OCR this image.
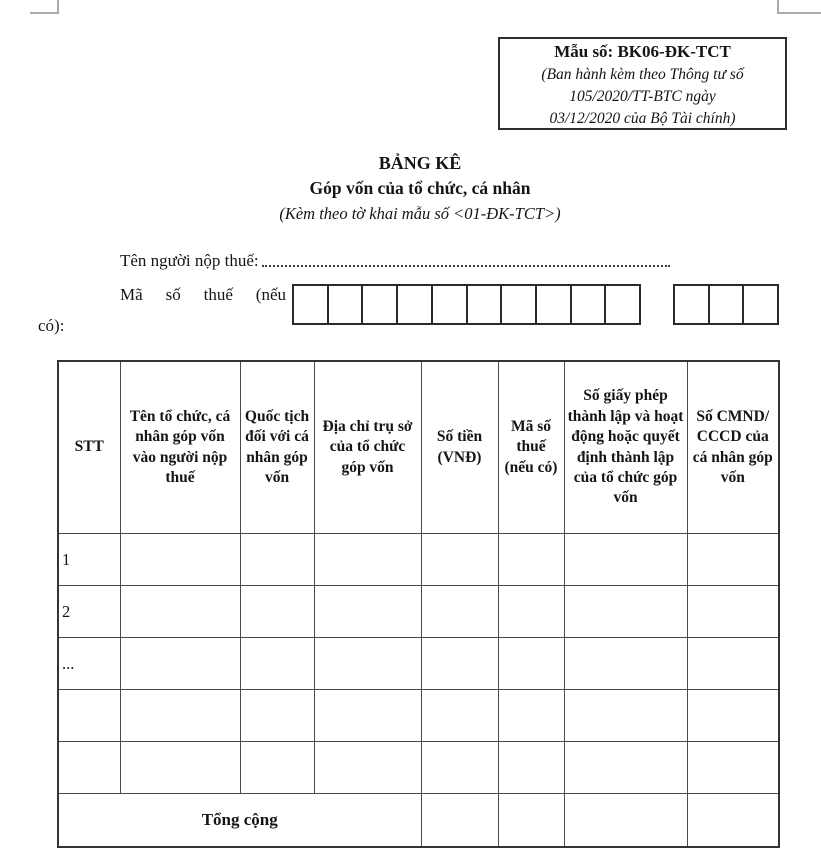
Mẫu số: BK06-ĐK-TCT
(Ban hành kèm theo Thông tư số
105/2020/TT-BTC ngày
03/12/2020 của Bộ Tài chính)
BẢNG KÊ
Góp vốn của tổ chức, cá nhân
(Kèm theo tờ khai mẫu số <01-ĐK-TCT>)
Tên người nộp thuế:
Mã số thuế (nếu
có):
STT	Tên tổ chức, cá nhân góp vốn vào người nộp thuế	Quốc tịch đối với cá nhân góp vốn	Địa chỉ trụ sở của tổ chức góp vốn	Số tiền (VNĐ)	Mã số thuế (nếu có)	Số giấy phép thành lập và hoạt động hoặc quyết định thành lập của tổ chức góp vốn	Số CMND/ CCCD của cá nhân góp vốn
1							
2							
...							

Tổng cộng							
